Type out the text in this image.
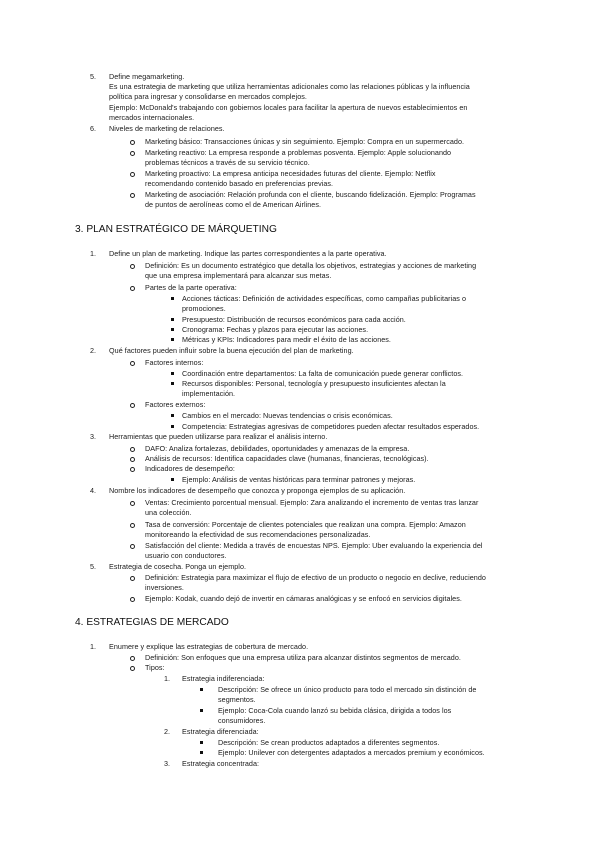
5. Define megamarketing.
Es una estrategia de marketing que utiliza herramientas adicionales como las relaciones públicas y la influencia
política para ingresar y consolidarse en mercados complejos.
Ejemplo: McDonald's trabajando con gobiernos locales para facilitar la apertura de nuevos establecimientos en
mercados internacionales.
6. Niveles de marketing de relaciones.
Marketing básico: Transacciones únicas y sin seguimiento. Ejemplo: Compra en un supermercado.
Marketing reactivo: La empresa responde a problemas posventa. Ejemplo: Apple solucionando
problemas técnicos a través de su servicio técnico.
Marketing proactivo: La empresa anticipa necesidades futuras del cliente. Ejemplo: Netflix
recomendando contenido basado en preferencias previas.
Marketing de asociación: Relación profunda con el cliente, buscando fidelización. Ejemplo: Programas
de puntos de aerolíneas como el de American Airlines.
3. PLAN ESTRATÉGICO DE MÁRQUETING
1. Define un plan de marketing. Indique las partes correspondientes a la parte operativa.
Definición: Es un documento estratégico que detalla los objetivos, estrategias y acciones de marketing
que una empresa implementará para alcanzar sus metas.
Partes de la parte operativa:
Acciones tácticas: Definición de actividades específicas, como campañas publicitarias o
promociones.
Presupuesto: Distribución de recursos económicos para cada acción.
Cronograma: Fechas y plazos para ejecutar las acciones.
Métricas y KPIs: Indicadores para medir el éxito de las acciones.
2. Qué factores pueden influir sobre la buena ejecución del plan de marketing.
Factores internos:
Coordinación entre departamentos: La falta de comunicación puede generar conflictos.
Recursos disponibles: Personal, tecnología y presupuesto insuficientes afectan la
implementación.
Factores externos:
Cambios en el mercado: Nuevas tendencias o crisis económicas.
Competencia: Estrategias agresivas de competidores pueden afectar resultados esperados.
3. Herramientas que pueden utilizarse para realizar el análisis interno.
DAFO: Analiza fortalezas, debilidades, oportunidades y amenazas de la empresa.
Análisis de recursos: Identifica capacidades clave (humanas, financieras, tecnológicas).
Indicadores de desempeño:
Ejemplo: Análisis de ventas históricas para terminar patrones y mejoras.
4. Nombre los indicadores de desempeño que conozca y proponga ejemplos de su aplicación.
Ventas: Crecimiento porcentual mensual. Ejemplo: Zara analizando el incremento de ventas tras lanzar
una colección.
Tasa de conversión: Porcentaje de clientes potenciales que realizan una compra. Ejemplo: Amazon
monitoreando la efectividad de sus recomendaciones personalizadas.
Satisfacción del cliente: Medida a través de encuestas NPS. Ejemplo: Uber evaluando la experiencia del
usuario con conductores.
5. Estrategia de cosecha. Ponga un ejemplo.
Definición: Estrategia para maximizar el flujo de efectivo de un producto o negocio en declive, reduciendo
inversiones.
Ejemplo: Kodak, cuando dejó de invertir en cámaras analógicas y se enfocó en servicios digitales.
4. ESTRATEGIAS DE MERCADO
1. Enumere y explique las estrategias de cobertura de mercado.
Definición: Son enfoques que una empresa utiliza para alcanzar distintos segmentos de mercado.
Tipos:
1. Estrategia indiferenciada:
Descripción: Se ofrece un único producto para todo el mercado sin distinción de
segmentos.
Ejemplo: Coca-Cola cuando lanzó su bebida clásica, dirigida a todos los
consumidores.
2. Estrategia diferenciada:
Descripción: Se crean productos adaptados a diferentes segmentos.
Ejemplo: Unilever con detergentes adaptados a mercados premium y económicos.
3. Estrategia concentrada:
